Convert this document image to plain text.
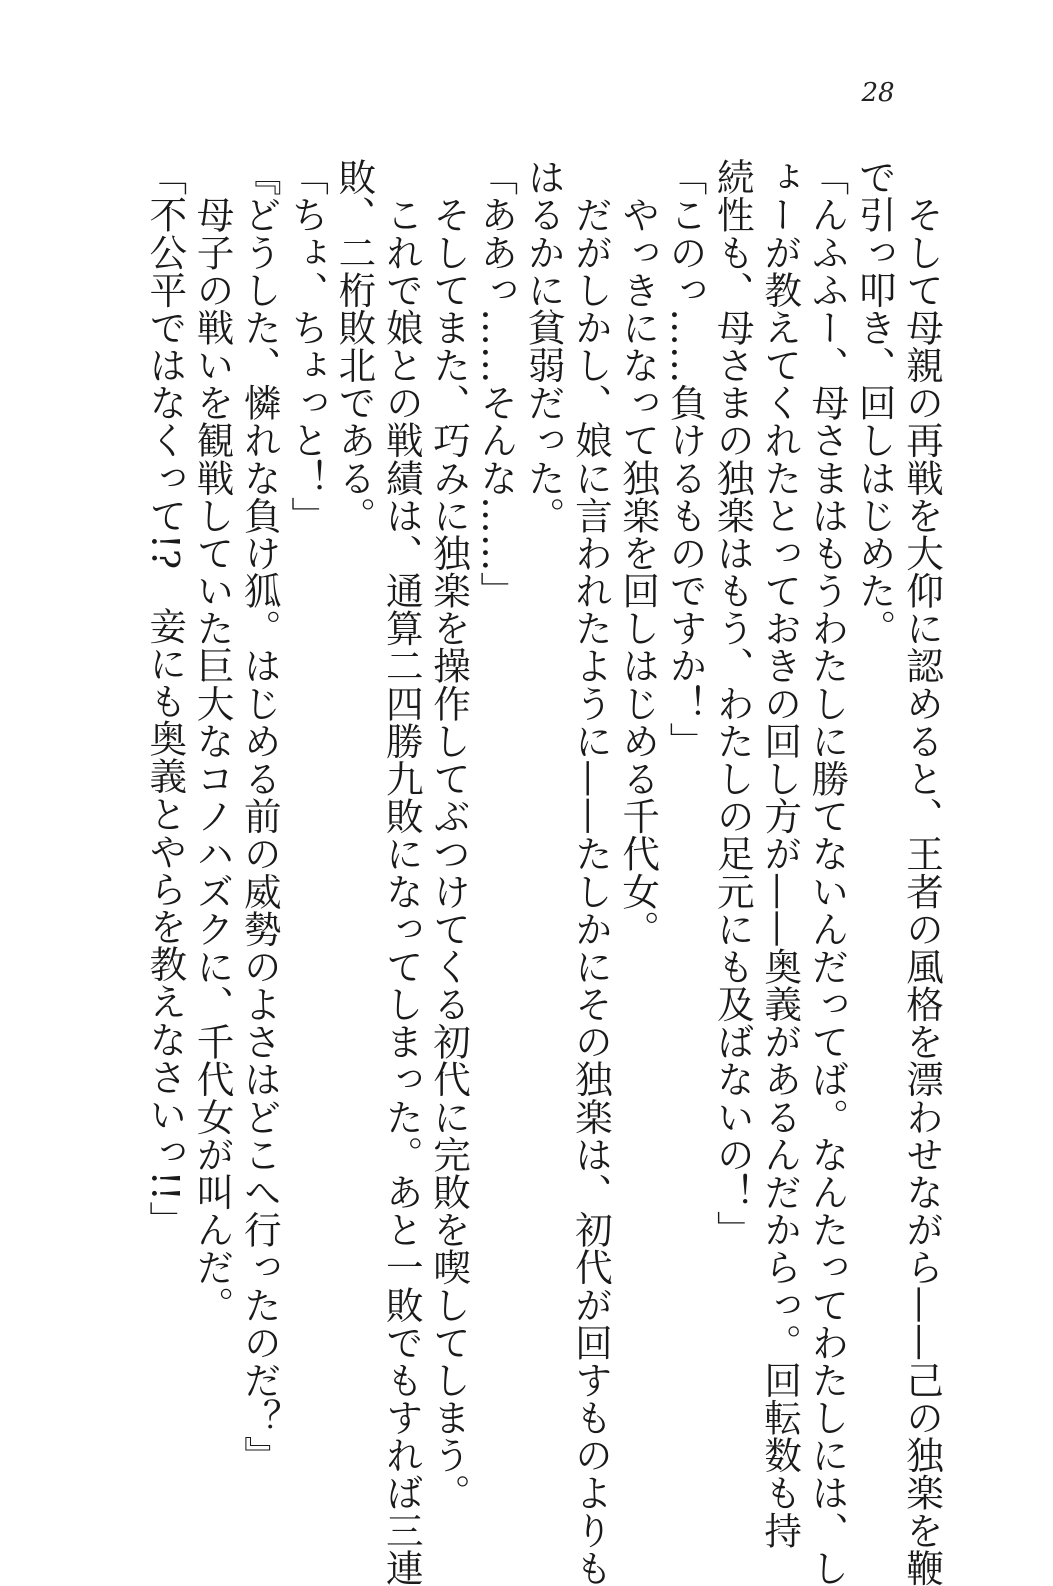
28
　そして母親の再戦を大仰に認めると、王者の風格を漂わせながら——己の独楽を鞭
で引っ叩き、回しはじめた。
「んふふー、母さまはもうわたしに勝てないんだってば。なんたってわたしには、し
ょーが教えてくれたとっておきの回し方が——奥義があるんだからっ。回転数も持
続性も、母さまの独楽はもう、わたしの足元にも及ばないの！」
「このっ……負けるものですか！」
　やっきになって独楽を回しはじめる千代女。
　だがしかし、娘に言われたように——たしかにその独楽は、初代が回すものよりも
はるかに貧弱だった。
「ああっ……そんな……」
　そしてまた、巧みに独楽を操作してぶつけてくる初代に完敗を喫してしまう。
　これで娘との戦績は、通算二四勝九敗になってしまった。あと一敗でもすれば三連
敗、二桁敗北である。
「ちょ、ちょっと！」
『どうした、憐れな負け狐。はじめる前の威勢のよさはどこへ行ったのだ？』
　母子の戦いを観戦していた巨大なコノハズクに、千代女が叫んだ。
「不公平ではなくって!?　妾にも奥義とやらを教えなさいっ!!」
